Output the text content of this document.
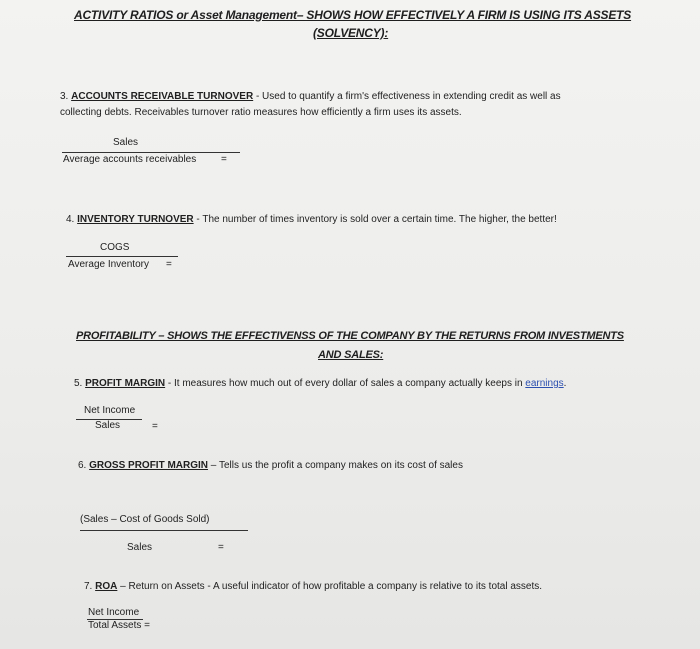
ACTIVITY RATIOS or Asset Management– SHOWS HOW EFFECTIVELY A FIRM IS USING ITS ASSETS
(SOLVENCY):
3. ACCOUNTS RECEIVABLE TURNOVER - Used to quantify a firm's effectiveness in extending credit as well as
collecting debts. Receivables turnover ratio measures how efficiently a firm uses its assets.
Sales
Average accounts receivables =
4. INVENTORY TURNOVER - The number of times inventory is sold over a certain time. The higher, the better!
COGS
Average Inventory =
PROFITABILITY – SHOWS THE EFFECTIVENSS OF THE COMPANY BY THE RETURNS FROM INVESTMENTS
AND SALES:
5. PROFIT MARGIN - It measures how much out of every dollar of sales a company actually keeps in earnings.
Net Income
Sales	=
6. GROSS PROFIT MARGIN – Tells us the profit a company makes on its cost of sales
(Sales – Cost of Goods Sold)
Sales	=
7. ROA – Return on Assets - A useful indicator of how profitable a company is relative to its total assets.
Net Income
Total Assets =
